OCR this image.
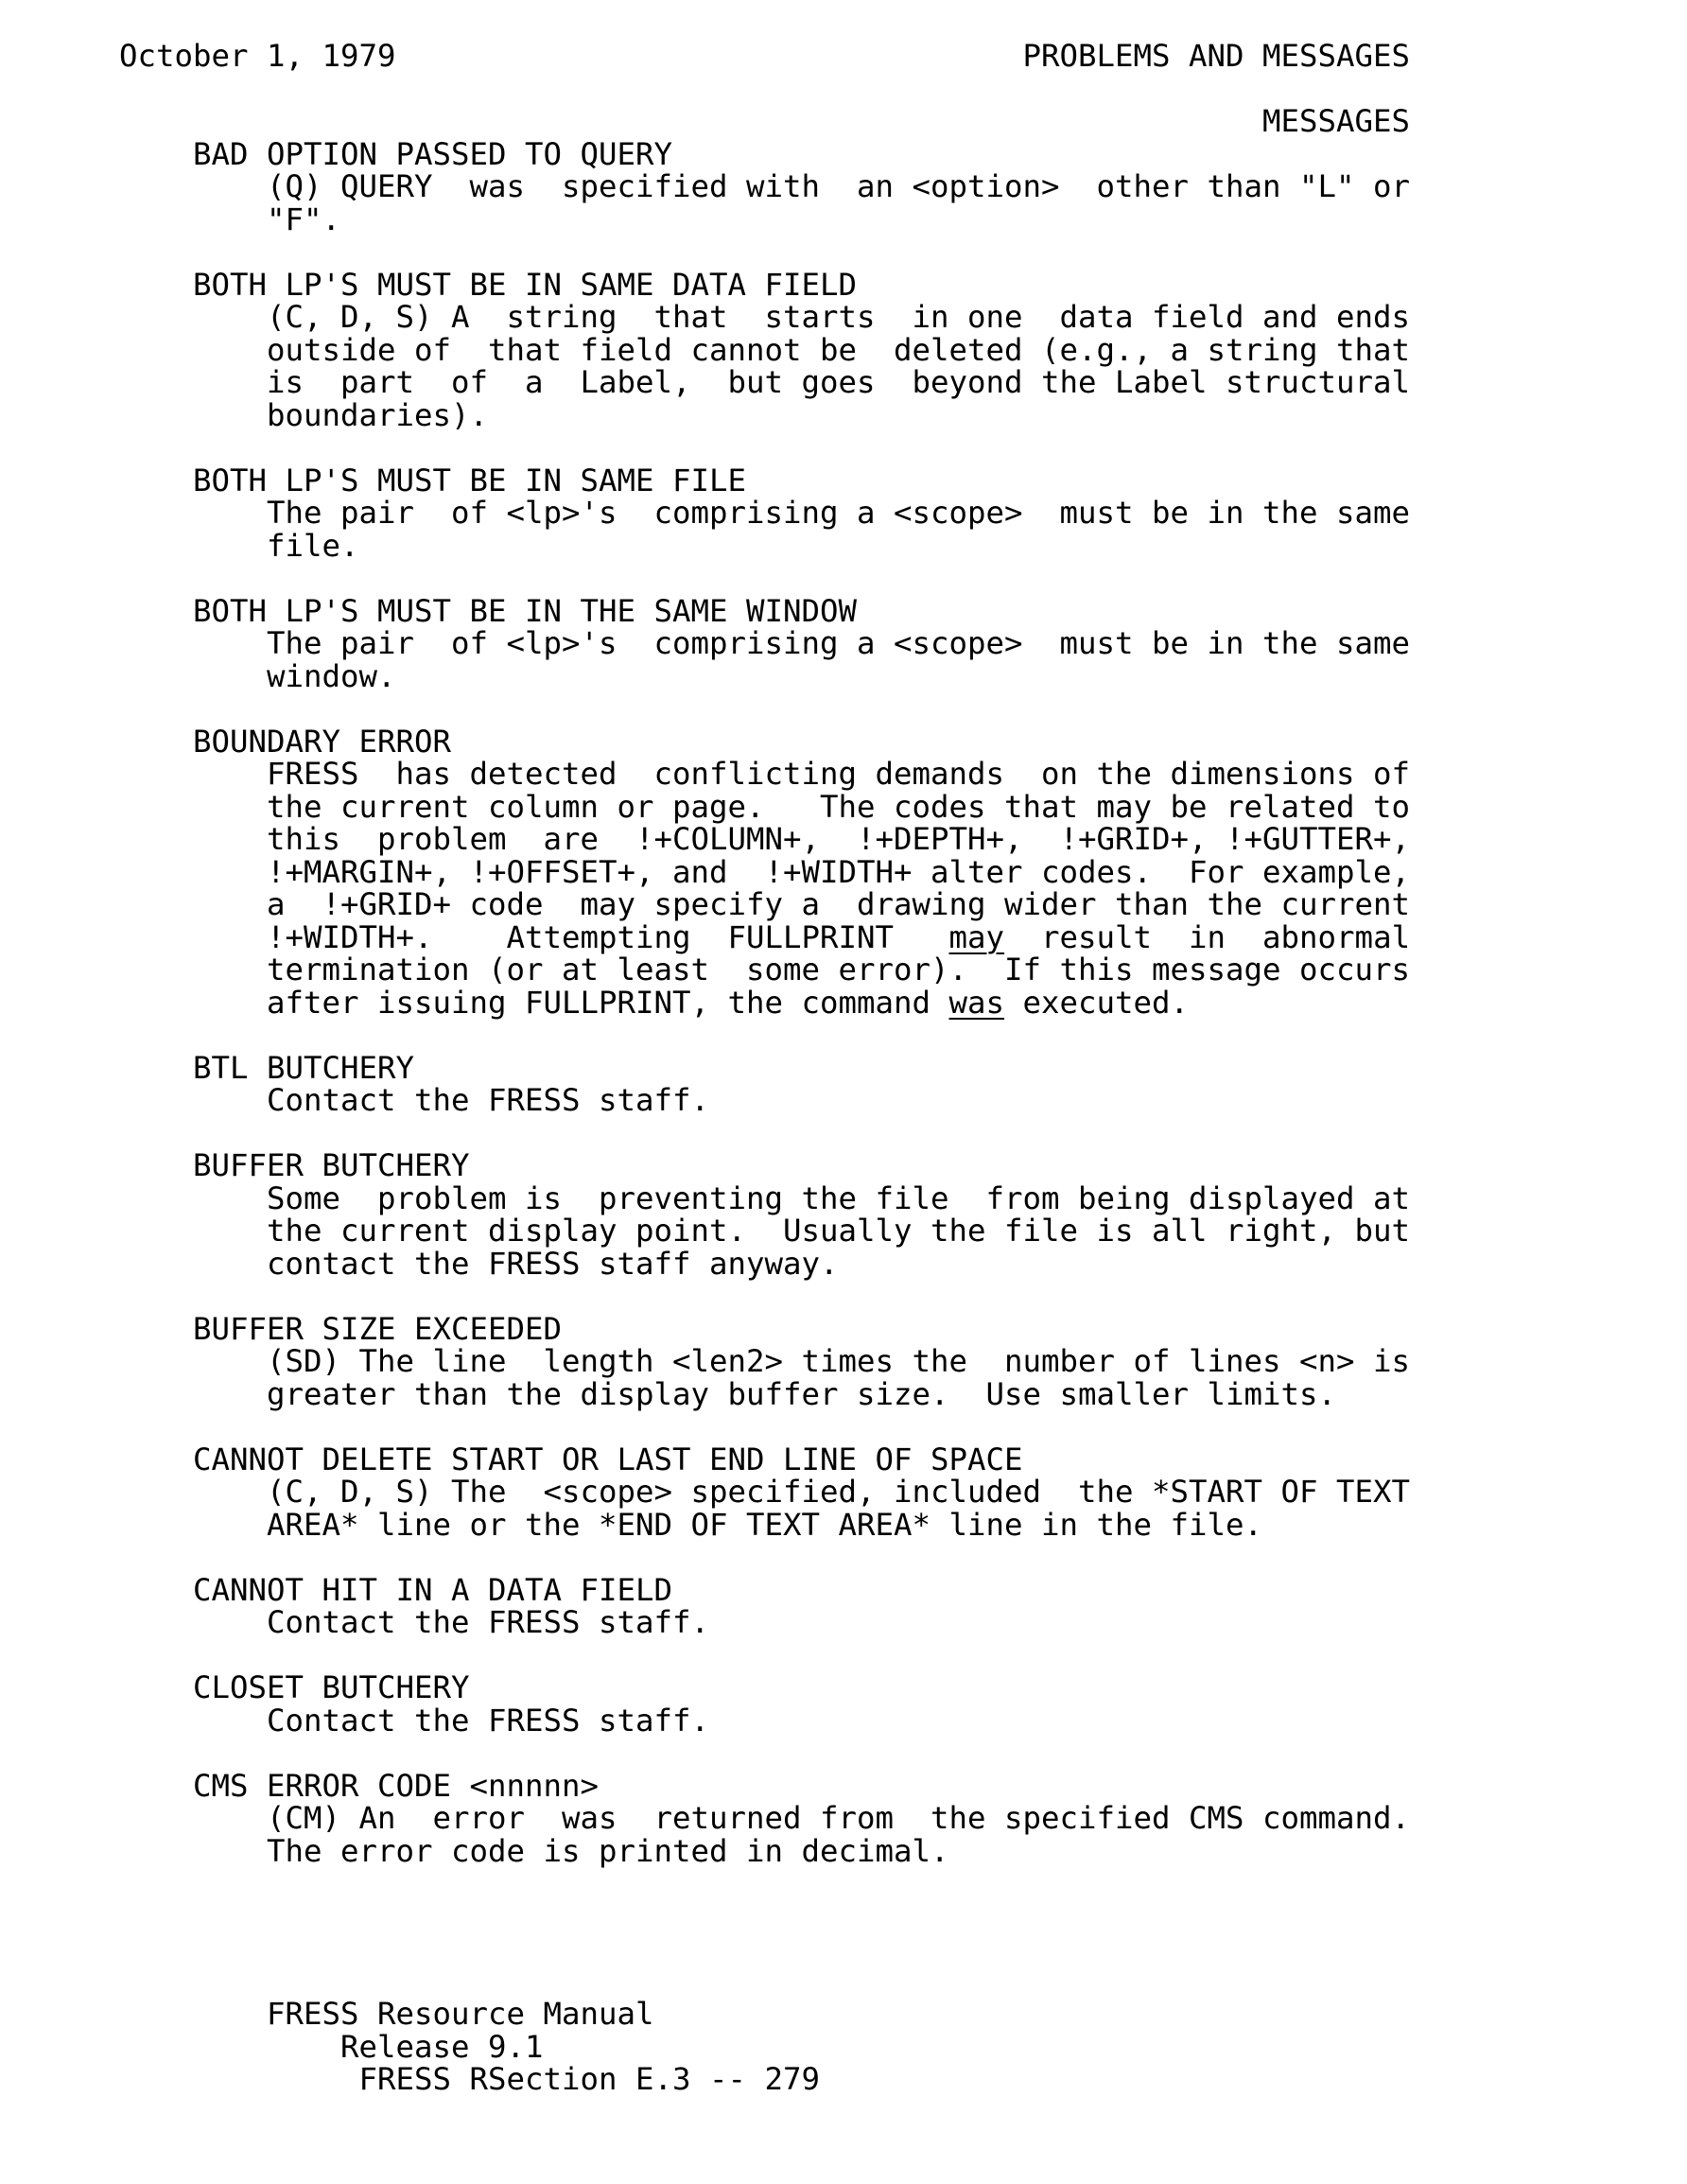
October 1, 1979	PROBLEMS AND MESSAGES

MESSAGES

BAD OPTION PASSED TO QUERY
(Q) QUERY  was  specified with  an <option>  other than "L" or
"F".

BOTH LP'S MUST BE IN SAME DATA FIELD
(C, D, S) A  string  that  starts  in one  data field and ends
outside of  that field cannot be  deleted (e.g., a string that
is  part  of  a  Label,  but goes  beyond the Label structural
boundaries).

BOTH LP'S MUST BE IN SAME FILE
The pair  of <lp>'s  comprising a <scope>  must be in the same
file.

BOTH LP'S MUST BE IN THE SAME WINDOW
The pair  of <lp>'s  comprising a <scope>  must be in the same
window.

BOUNDARY ERROR
FRESS  has detected  conflicting demands  on the dimensions of
the current column or page.   The codes that may be related to
this  problem  are  !+COLUMN+,  !+DEPTH+,  !+GRID+, !+GUTTER+,
!+MARGIN+, !+OFFSET+, and  !+WIDTH+ alter codes.  For example,
a  !+GRID+ code  may specify a  drawing wider than the current
!+WIDTH+.    Attempting  FULLPRINT   may  result  in  abnormal
termination (or at least  some error).  If this message occurs
after issuing FULLPRINT, the command was executed.

BTL BUTCHERY
Contact the FRESS staff.

BUFFER BUTCHERY
Some  problem is  preventing the file  from being displayed at
the current display point.  Usually the file is all right, but
contact the FRESS staff anyway.

BUFFER SIZE EXCEEDED
(SD) The line  length <len2> times the  number of lines <n> is
greater than the display buffer size.  Use smaller limits.

CANNOT DELETE START OR LAST END LINE OF SPACE
(C, D, S) The  <scope> specified, included  the *START OF TEXT
AREA* line or the *END OF TEXT AREA* line in the file.

CANNOT HIT IN A DATA FIELD
Contact the FRESS staff.

CLOSET BUTCHERY
Contact the FRESS staff.

CMS ERROR CODE <nnnnn>
(CM) An  error  was  returned from  the specified CMS command.
The error code is printed in decimal.

FRESS Resource Manual
Release 9.1
FRESS RSection E.3 -- 279
